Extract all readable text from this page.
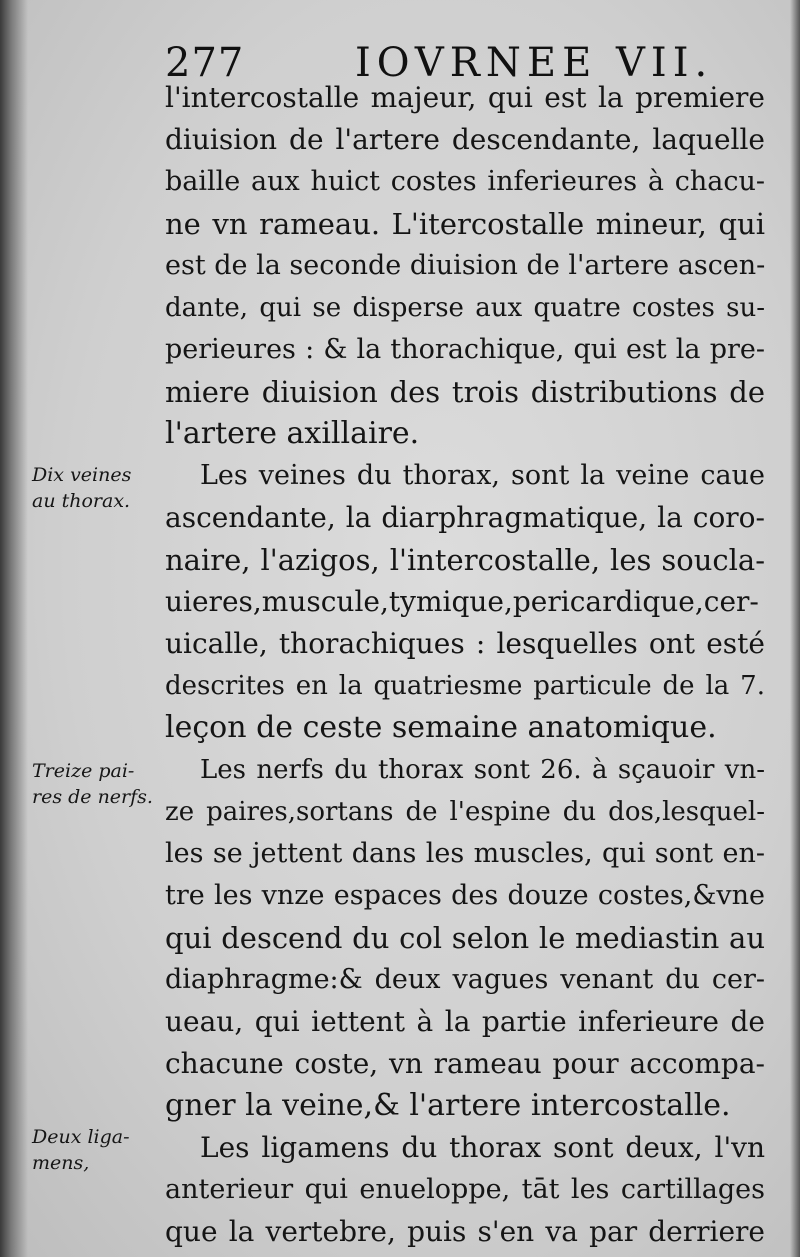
277	IOVRNEE VII.
l'intercostalle majeur, qui est la premiere
diuision de l'artere descendante, laquelle
baille aux huict costes inferieures à chacu-
ne vn rameau. L'itercostalle mineur, qui
est de la seconde diuision de l'artere ascen-
dante, qui se disperse aux quatre costes su-
perieures : & la thorachique, qui est la pre-
miere diuision des trois distributions de
l'artere axillaire.
Les veines du thorax, sont la veine caue
ascendante, la diarphragmatique, la coro-
naire, l'azigos, l'intercostalle, les soucla-
uieres,muscule,tymique,pericardique,cer-
uicalle, thorachiques : lesquelles ont esté
descrites en la quatriesme particule de la 7.
leçon de ceste semaine anatomique.
Les nerfs du thorax sont 26. à sçauoir vn-
ze paires,sortans de l'espine du dos,lesquel-
les se jettent dans les muscles, qui sont en-
tre les vnze espaces des douze costes,&vne
qui descend du col selon le mediastin au
diaphragme:& deux vagues venant du cer-
ueau, qui iettent à la partie inferieure de
chacune coste, vn rameau pour accompa-
gner la veine,& l'artere intercostalle.
Les ligamens du thorax sont deux, l'vn
anterieur qui enueloppe, tāt les cartillages
que la vertebre, puis s'en va par derriere
Dix veines
au thorax.
Treize pai-
res de nerfs.
Deux liga-
mens,
